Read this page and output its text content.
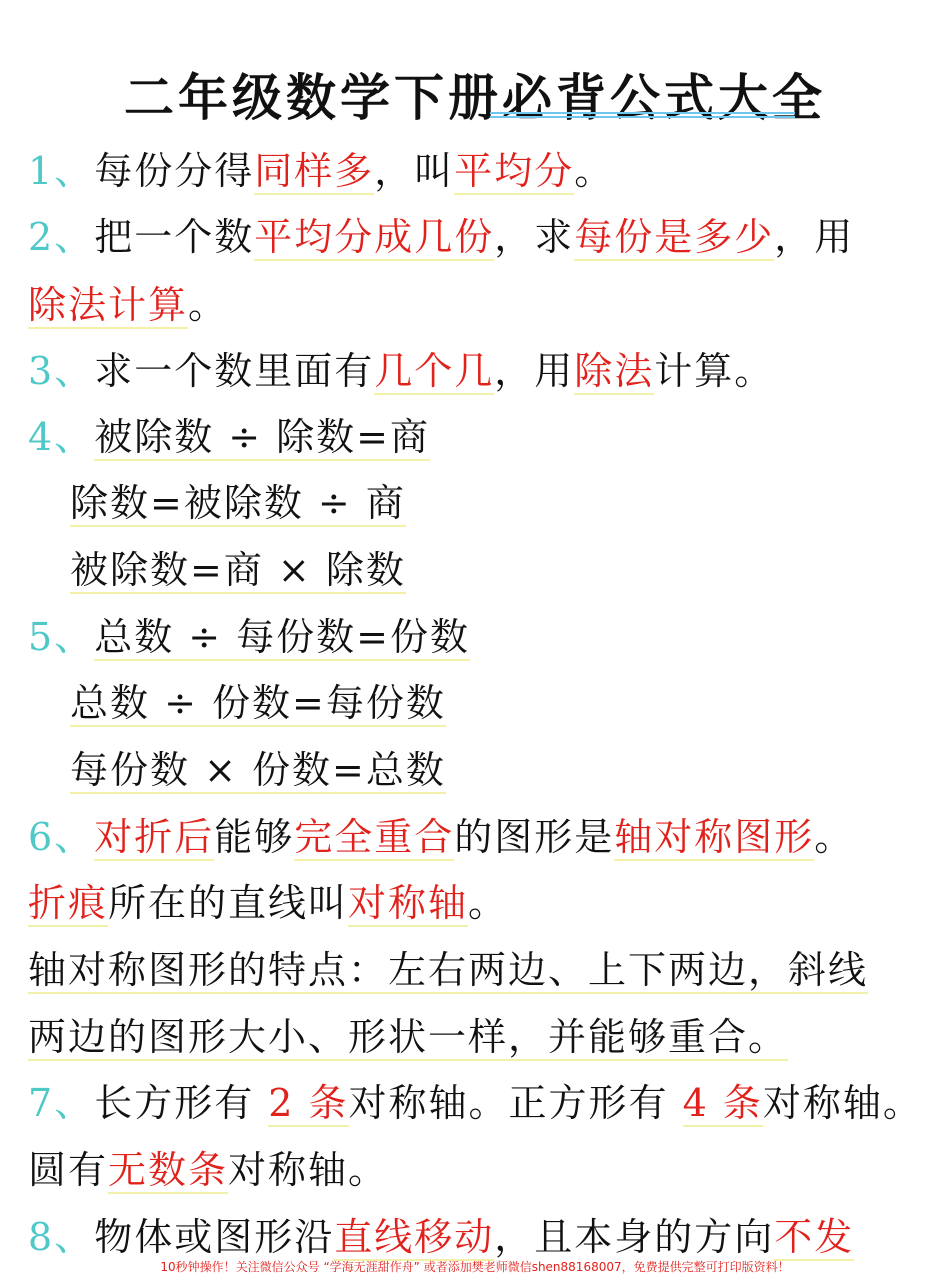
二年级数学下册必背公式大全
1、每份分得同样多，叫平均分。
2、把一个数平均分成几份，求每份是多少，用
除法计算。
3、求一个数里面有几个几，用除法计算。
4、被除数 ÷ 除数=商
除数=被除数 ÷ 商
被除数=商 × 除数
5、总数 ÷ 每份数=份数
总数 ÷ 份数=每份数
每份数 × 份数=总数
6、对折后能够完全重合的图形是轴对称图形。
折痕所在的直线叫对称轴。
轴对称图形的特点：左右两边、上下两边，斜线
两边的图形大小、形状一样，并能够重合。
7、长方形有 2 条对称轴。正方形有 4 条对称轴。
圆有无数条对称轴。
8、物体或图形沿直线移动，且本身的方向不发
10秒钟操作！关注微信公众号 “学海无涯甜作舟” 或者添加樊老师微信shen88168007，免费提供完整可打印版资料！
